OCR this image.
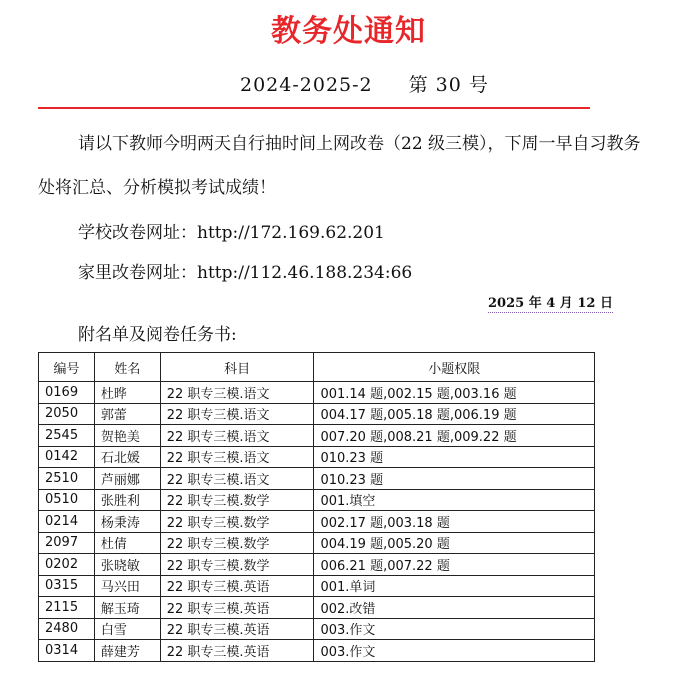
教务处通知
2024-2025-2 第 30 号
请以下教师今明两天自行抽时间上网改卷（22 级三模），下周一早自习教务
处将汇总、分析模拟考试成绩！
学校改卷网址：http://172.169.62.201
家里改卷网址：http://112.46.188.234:66
2025 年 4 月 12 日
附名单及阅卷任务书:
编号	姓名	科目	小题权限
0169	杜晔	22 职专三模.语文	001.14 题,002.15 题,003.16 题
2050	郭蕾	22 职专三模.语文	004.17 题,005.18 题,006.19 题
2545	贺艳美	22 职专三模.语文	007.20 题,008.21 题,009.22 题
0142	石北媛	22 职专三模.语文	010.23 题
2510	芦丽娜	22 职专三模.语文	010.23 题
0510	张胜利	22 职专三模.数学	001.填空
0214	杨秉涛	22 职专三模.数学	002.17 题,003.18 题
2097	杜倩	22 职专三模.数学	004.19 题,005.20 题
0202	张晓敏	22 职专三模.数学	006.21 题,007.22 题
0315	马兴田	22 职专三模.英语	001.单词
2115	解玉琦	22 职专三模.英语	002.改错
2480	白雪	22 职专三模.英语	003.作文
0314	薛建芳	22 职专三模.英语	003.作文
